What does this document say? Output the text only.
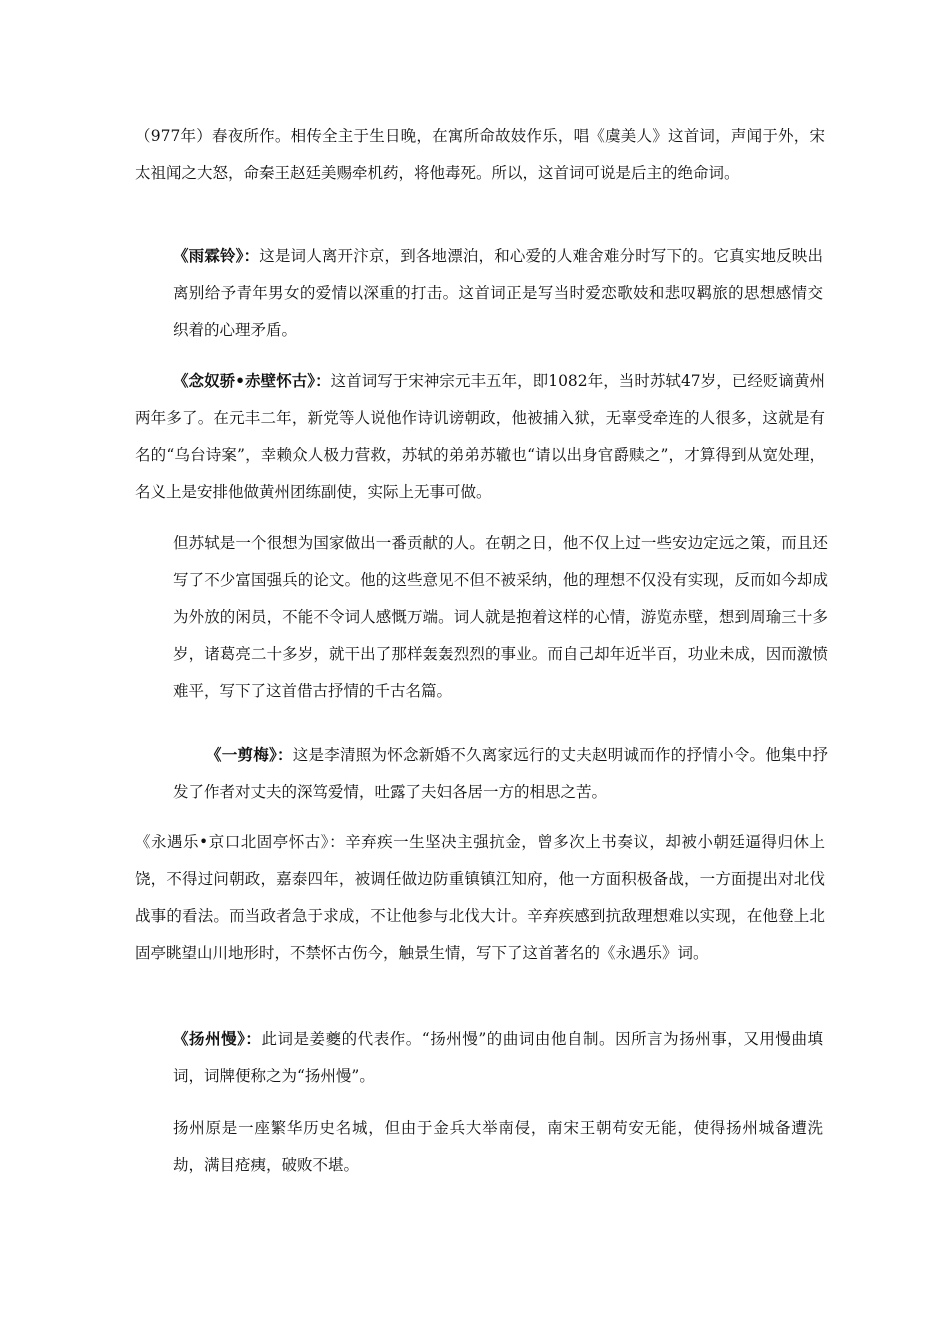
（977年）春夜所作。相传全主于生日晚，在寓所命故妓作乐，唱《虞美人》这首词，声闻于外，宋太祖闻之大怒，命秦王赵廷美赐牵机药，将他毒死。所以，这首词可说是后主的绝命词。

《雨霖铃》：这是词人离开汴京，到各地漂泊，和心爱的人难舍难分时写下的。它真实地反映出离别给予青年男女的爱情以深重的打击。这首词正是写当时爱恋歌妓和悲叹羁旅的思想感情交织着的心理矛盾。

《念奴骄•赤壁怀古》：这首词写于宋神宗元丰五年，即1082年，当时苏轼47岁，已经贬谪黄州两年多了。在元丰二年，新党等人说他作诗讥谤朝政，他被捕入狱，无辜受牵连的人很多，这就是有名的“乌台诗案”，幸赖众人极力营救，苏轼的弟弟苏辙也“请以出身官爵赎之”，才算得到从宽处理，名义上是安排他做黄州团练副使，实际上无事可做。

但苏轼是一个很想为国家做出一番贡献的人。在朝之日，他不仅上过一些安边定远之策，而且还写了不少富国强兵的论文。他的这些意见不但不被采纳，他的理想不仅没有实现，反而如今却成为外放的闲员，不能不令词人感慨万端。词人就是抱着这样的心情，游览赤壁，想到周瑜三十多岁，诸葛亮二十多岁，就干出了那样轰轰烈烈的事业。而自己却年近半百，功业未成，因而激愤难平，写下了这首借古抒情的千古名篇。

《一剪梅》：这是李清照为怀念新婚不久离家远行的丈夫赵明诚而作的抒情小令。他集中抒发了作者对丈夫的深笃爱情，吐露了夫妇各居一方的相思之苦。

《永遇乐•京口北固亭怀古》：辛弃疾一生坚决主强抗金，曾多次上书奏议，却被小朝廷逼得归休上饶，不得过问朝政，嘉泰四年，被调任做边防重镇镇江知府，他一方面积极备战，一方面提出对北伐战事的看法。而当政者急于求成，不让他参与北伐大计。辛弃疾感到抗敌理想难以实现，在他登上北固亭眺望山川地形时，不禁怀古伤今，触景生情，写下了这首著名的《永遇乐》词。

《扬州慢》：此词是姜夔的代表作。“扬州慢”的曲词由他自制。因所言为扬州事，又用慢曲填词，词牌便称之为“扬州慢”。

扬州原是一座繁华历史名城，但由于金兵大举南侵，南宋王朝苟安无能，使得扬州城备遭洗劫，满目疮痍，破败不堪。
